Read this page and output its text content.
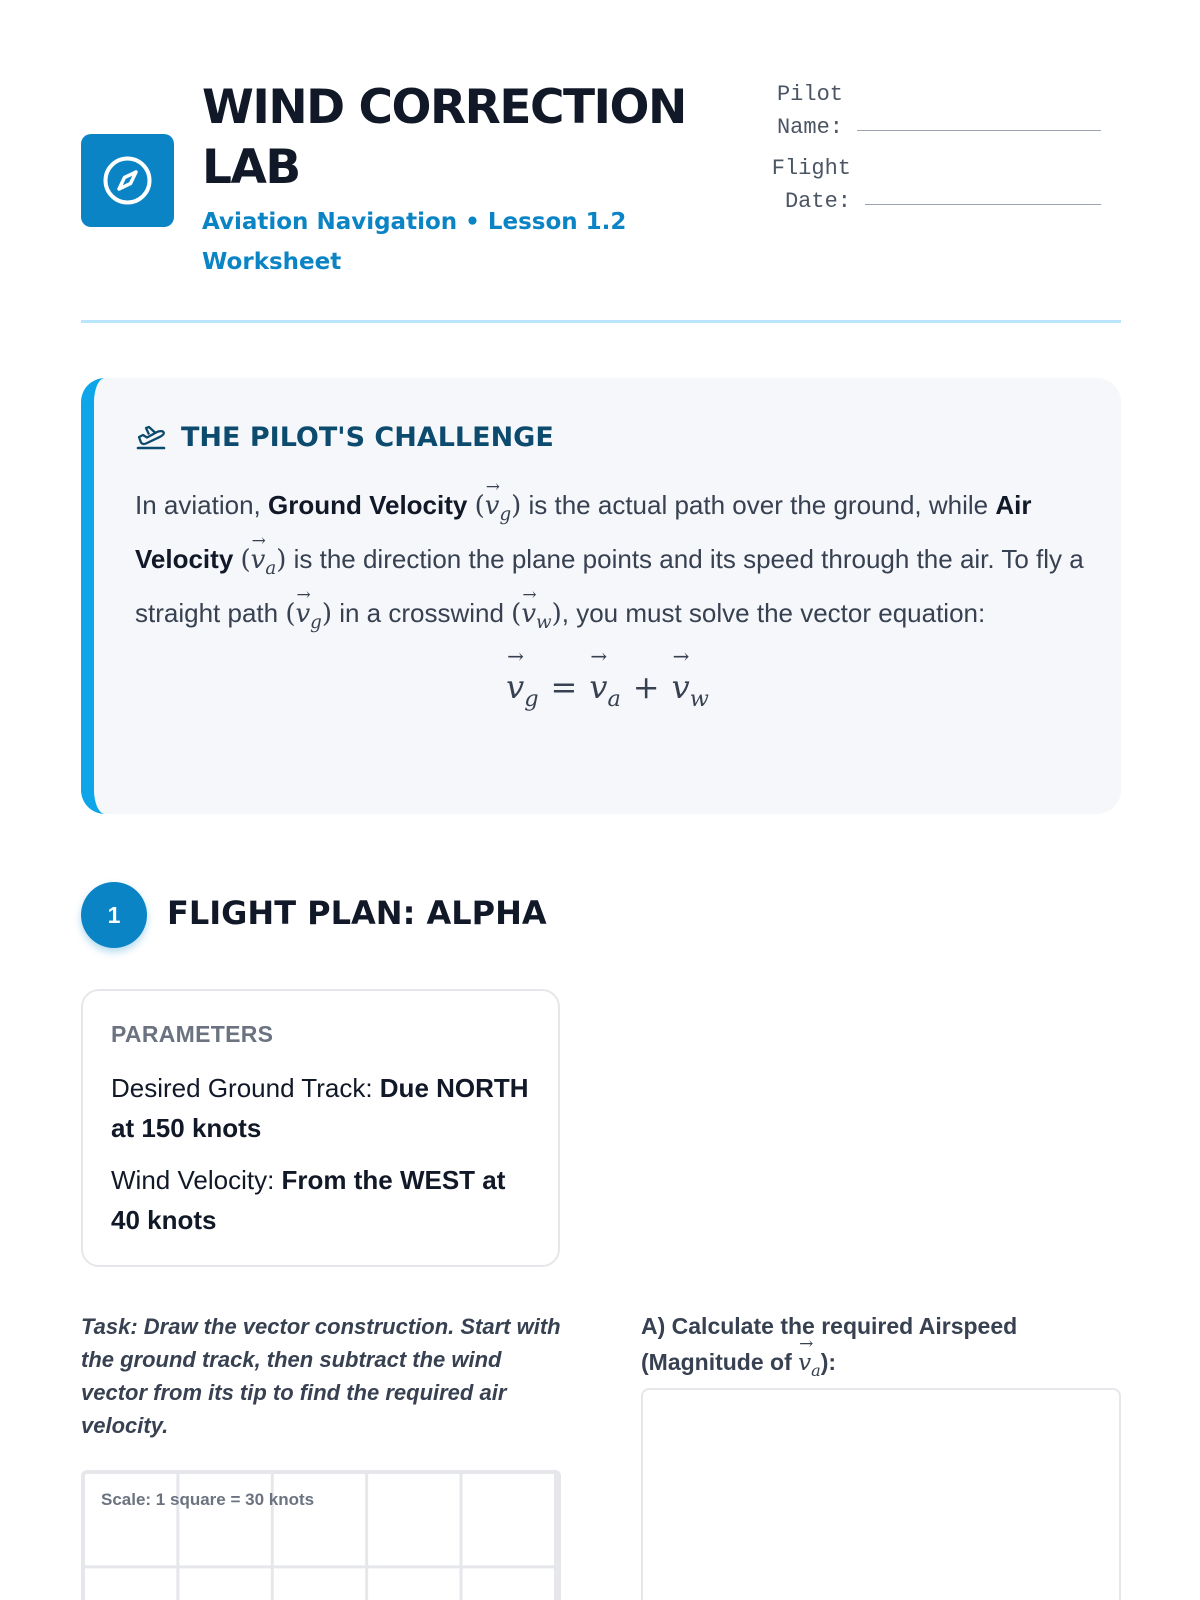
WIND CORRECTION LAB
Aviation Navigation • Lesson 1.2 Worksheet
Pilot Name:
Flight Date:
THE PILOT'S CHALLENGE
In aviation, Ground Velocity (→ $v_g$) is the actual path over the ground, while Air Velocity (→ $v_a$) is the direction the plane points and its speed through the air. To fly a straight path (→ $v_g$) in a crosswind (→ $v_w$), you must solve the vector equation:
→ $v_g =\to v_a +\to v_w$
1	FLIGHT PLAN: ALPHA
PARAMETERS
Desired Ground Track: Due NORTH at 150 knots
Wind Velocity: From the WEST at 40 knots
Task: Draw the vector construction. Start with the ground track, then subtract the wind vector from its tip to find the required air velocity.
Scale: 1 square = 30 knots
A) Calculate the required Airspeed (Magnitude of → $v_a$):
